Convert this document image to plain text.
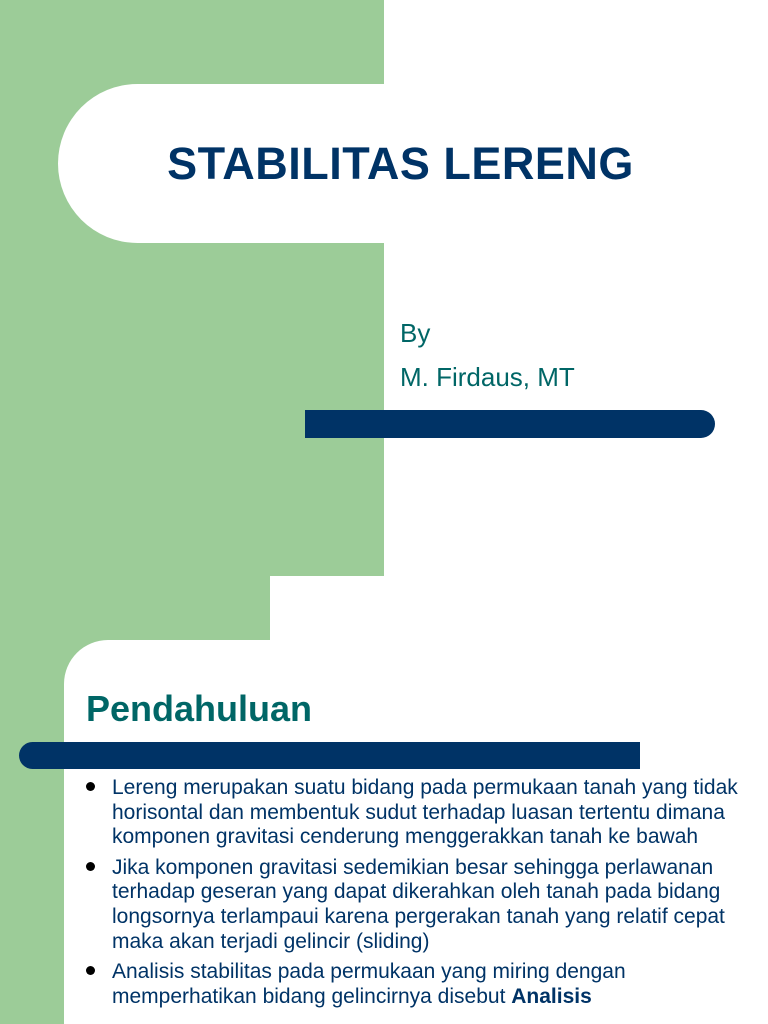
STABILITAS LERENG
By
M. Firdaus, MT
Pendahuluan
Lereng merupakan suatu bidang pada permukaan tanah yang tidak horisontal dan membentuk sudut terhadap luasan tertentu dimana komponen gravitasi cenderung menggerakkan tanah ke bawah
Jika komponen gravitasi sedemikian besar sehingga perlawanan terhadap geseran yang dapat dikerahkan oleh tanah pada bidang longsornya terlampaui karena pergerakan tanah yang relatif cepat maka akan terjadi gelincir (sliding)
Analisis stabilitas pada permukaan yang miring dengan memperhatikan bidang gelincirnya disebut Analisis
